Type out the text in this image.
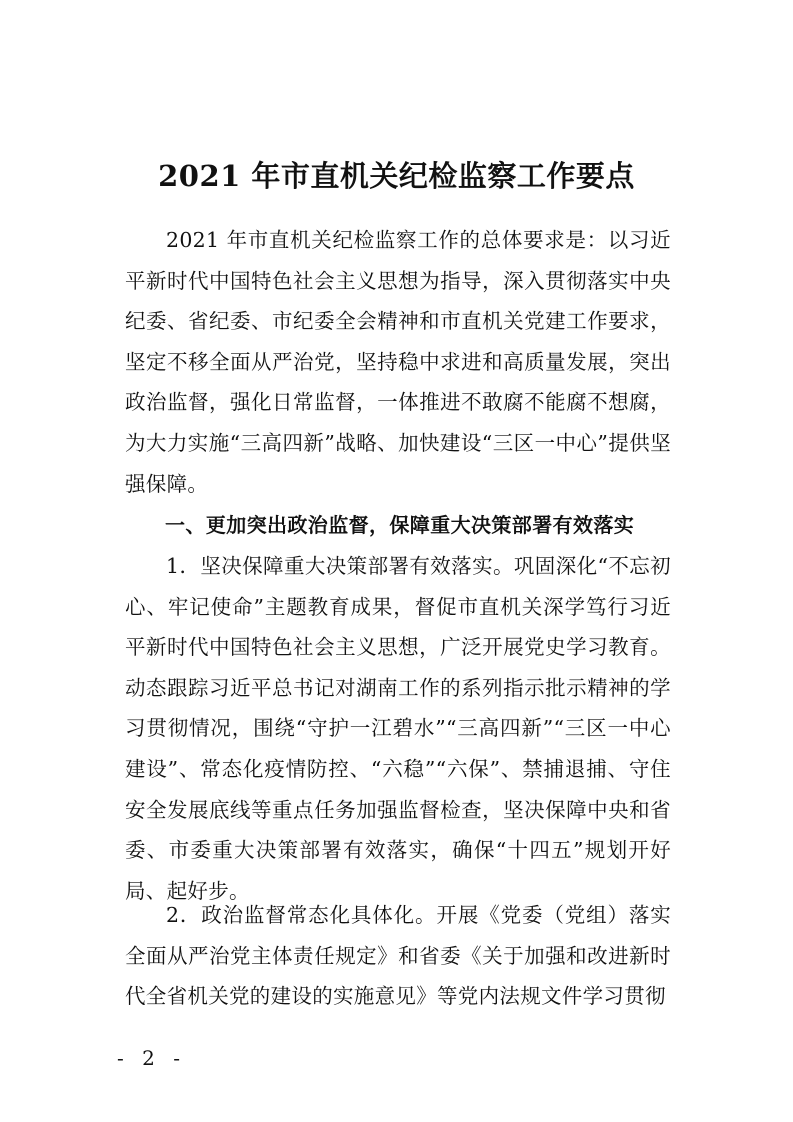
2021 年市直机关纪检监察工作要点

2021 年市直机关纪检监察工作的总体要求是：以习近平新时代中国特色社会主义思想为指导，深入贯彻落实中央纪委、省纪委、市纪委全会精神和市直机关党建工作要求，坚定不移全面从严治党，坚持稳中求进和高质量发展，突出政治监督，强化日常监督，一体推进不敢腐不能腐不想腐，为大力实施“三高四新”战略、加快建设“三区一中心”提供坚强保障。

一、更加突出政治监督，保障重大决策部署有效落实

1．坚决保障重大决策部署有效落实。巩固深化“不忘初心、牢记使命”主题教育成果，督促市直机关深学笃行习近平新时代中国特色社会主义思想，广泛开展党史学习教育。动态跟踪习近平总书记对湖南工作的系列指示批示精神的学习贯彻情况，围绕“守护一江碧水”“三高四新”“三区一中心建设”、常态化疫情防控、“六稳”“六保”、禁捕退捕、守住安全发展底线等重点任务加强监督检查，坚决保障中央和省委、市委重大决策部署有效落实，确保“十四五”规划开好局、起好步。

2．政治监督常态化具体化。开展《党委（党组）落实全面从严治党主体责任规定》和省委《关于加强和改进新时代全省机关党的建设的实施意见》等党内法规文件学习贯彻

- 2 -
